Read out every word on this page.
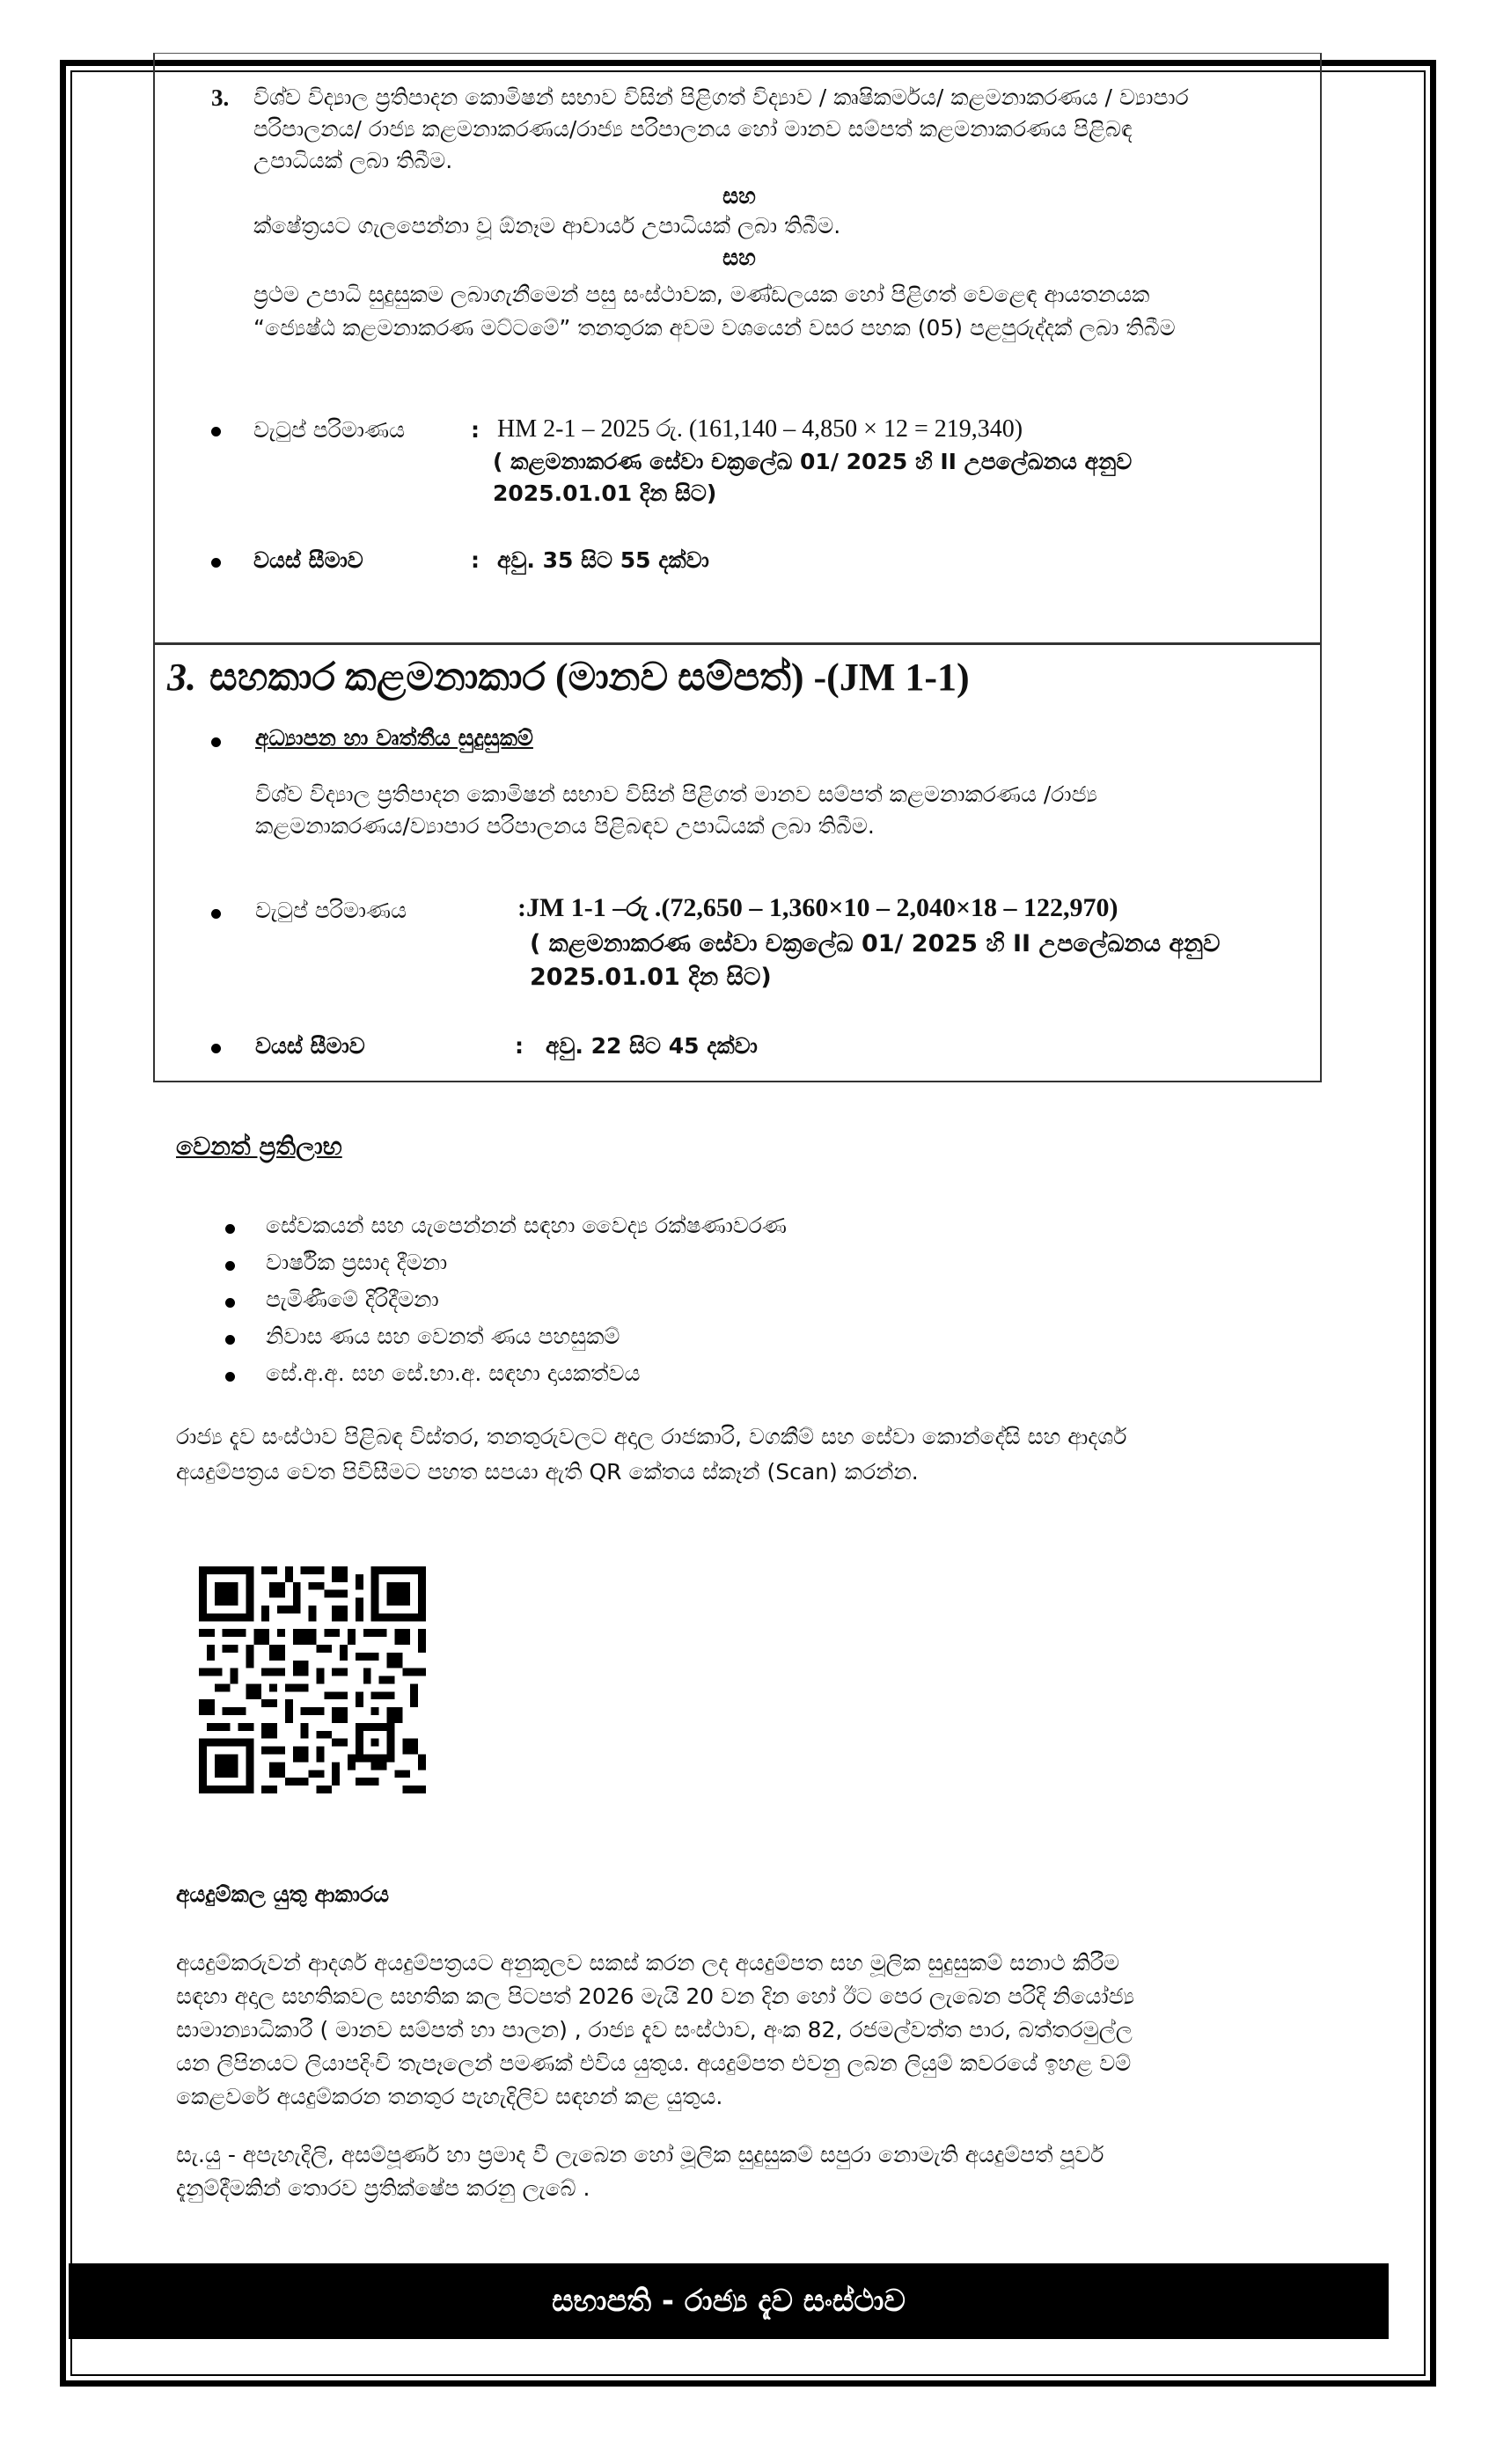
3. විශ්ව විද්‍යාල ප්‍රතිපාදන කොමිෂන් සභාව විසින් පිළිගත් විද්‍යාව / කෘෂිකර්මය/ කළමනාකරණය / ව්‍යාපාර
පරිපාලනය/ රාජ්‍ය කළමනාකරණය/රාජ්‍ය පරිපාලනය හෝ මානව සම්පත් කළමනාකරණය පිළිබඳ
උපාධියක් ලබා තිබීම.
සහ
ක්ෂේත්‍රයට ගැලපෙන්නා වූ ඕනෑම ආචාර්ය උපාධියක් ලබා තිබීම.
සහ
ප්‍රථම උපාධි සුදුසුකම ලබාගැනීමෙන් පසු සංස්ථාවක, මණ්ඩලයක හෝ පිළිගත් වෙළෙඳ ආයතනයක
“ජ්‍යෙෂ්ඨ කළමනාකරණ මට්ටමේ” තනතුරක අවම වශයෙන් වසර පහක (05) පළපුරුද්දක් ලබා තිබීම
වැටුප් පරිමාණය	: HM 2-1 – 2025 රු. (161,140 – 4,850 × 12 = 219,340)
( කළමනාකරණ සේවා චක්‍රලේඛ 01/ 2025 හි II උපලේඛනය අනුව
2025.01.01 දින සිට)
වයස් සීමාව	: අවු. 35 සිට 55 දක්වා
3. සහකාර කළමනාකාර (මානව සම්පත්) -(JM 1-1)
අධ්‍යාපන හා වෘත්තීය සුදුසුකම්
විශ්ව විද්‍යාල ප්‍රතිපාදන කොමිෂන් සභාව විසින් පිළිගත් මානව සම්පත් කළමනාකරණය /රාජ්‍ය
කළමනාකරණය/ව්‍යාපාර පරිපාලනය පිළිබඳව උපාධියක් ලබා තිබීම.
වැටුප් පරිමාණය	:JM 1-1 –රු .(72,650 – 1,360×10 – 2,040×18 – 122,970)
( කළමනාකරණ සේවා චක්‍රලේඛ 01/ 2025 හි II උපලේඛනය අනුව
2025.01.01 දින සිට)
වයස් සීමාව	: අවු. 22 සිට 45 දක්වා
වෙනත් ප්‍රතිලාභ
සේවකයන් සහ යැපෙන්නන් සඳහා වෛද්‍ය රක්ෂණාවරණ
වාර්ෂික ප්‍රසාද දීමනා
පැමිණීමේ දිරිදීමනා
නිවාස ණය සහ වෙනත් ණය පහසුකම්
සේ.අ.අ. සහ සේ.භා.අ. සඳහා දායකත්වය
රාජ්‍ය දැව සංස්ථාව පිළිබඳ විස්තර, තනතුරුවලට අදාල රාජකාරි, වගකීම් සහ සේවා කොන්දේසි සහ ආදර්ශ
අයදුම්පත්‍රය වෙත පිවිසීමට පහත සපයා ඇති QR කේතය ස්කෑන් (Scan) කරන්න.
අයදුම්කල යුතු ආකාරය
අයදුම්කරුවන් ආදර්ශ අයදුම්පත්‍රයට අනුකූලව සකස් කරන ලද අයදුම්පත සහ මූලික සුදුසුකම් සනාථ කිරීම
සඳහා අදාල සහතිකවල සහතික කල පිටපත් 2026 මැයි 20 වන දින හෝ ඊට පෙර ලැබෙන පරිදි නියෝජ්‍ය
සාමාන්‍යාධිකාරී ( මානව සම්පත් හා පාලන) , රාජ්‍ය දැව සංස්ථාව, අංක 82, රජමල්වත්ත පාර, බත්තරමුල්ල
යන ලිපිනයට ලියාපදිංචි තැපෑලෙන් පමණක් එවිය යුතුය. අයදුම්පත එවනු ලබන ලියුම් කවරයේ ඉහළ වම්
කෙළවරේ අයදුම්කරන තනතුර පැහැදිලිව සඳහන් කළ යුතුය.
සැ.යු - අපැහැදිලි, අසම්පූර්ණ හා ප්‍රමාද වී ලැබෙන හෝ මූලික සුදුසුකම් සපුරා නොමැති අයදුම්පත් පූර්ව
දැනුම්දීමකින් තොරව ප්‍රතික්ෂේප කරනු ලැබේ .
සභාපති - රාජ්‍ය දැව සංස්ථාව
